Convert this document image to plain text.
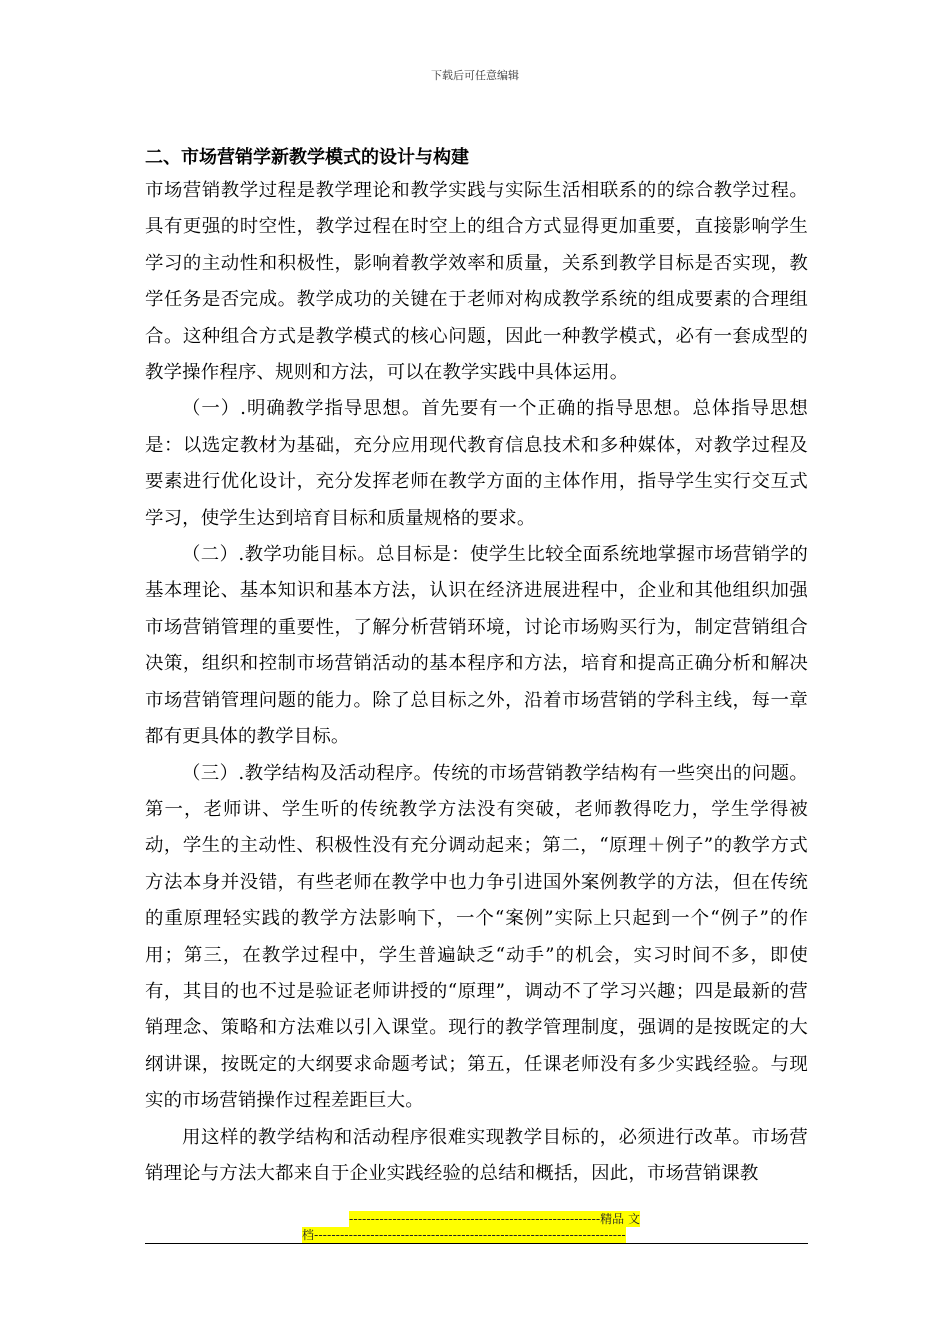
下载后可任意编辑
二、市场营销学新教学模式的设计与构建

市场营销教学过程是教学理论和教学实践与实际生活相联系的的综合教学过程。具有更强的时空性，教学过程在时空上的组合方式显得更加重要，直接影响学生学习的主动性和积极性，影响着教学效率和质量，关系到教学目标是否实现，教学任务是否完成。教学成功的关键在于老师对构成教学系统的组成要素的合理组合。这种组合方式是教学模式的核心问题，因此一种教学模式，必有一套成型的教学操作程序、规则和方法，可以在教学实践中具体运用。

（一）.明确教学指导思想。首先要有一个正确的指导思想。总体指导思想是：以选定教材为基础，充分应用现代教育信息技术和多种媒体，对教学过程及要素进行优化设计，充分发挥老师在教学方面的主体作用，指导学生实行交互式学习，使学生达到培育目标和质量规格的要求。

（二）.教学功能目标。总目标是：使学生比较全面系统地掌握市场营销学的基本理论、基本知识和基本方法，认识在经济进展进程中，企业和其他组织加强市场营销管理的重要性，了解分析营销环境，讨论市场购买行为，制定营销组合决策，组织和控制市场营销活动的基本程序和方法，培育和提高正确分析和解决市场营销管理问题的能力。除了总目标之外，沿着市场营销的学科主线，每一章都有更具体的教学目标。

（三）.教学结构及活动程序。传统的市场营销教学结构有一些突出的问题。第一，老师讲、学生听的传统教学方法没有突破，老师教得吃力，学生学得被动，学生的主动性、积极性没有充分调动起来；第二，“原理＋例子”的教学方式方法本身并没错，有些老师在教学中也力争引进国外案例教学的方法，但在传统的重原理轻实践的教学方法影响下，一个“案例”实际上只起到一个“例子”的作用；第三，在教学过程中，学生普遍缺乏“动手”的机会，实习时间不多，即使有，其目的也不过是验证老师讲授的“原理”，调动不了学习兴趣；四是最新的营销理念、策略和方法难以引入课堂。现行的教学管理制度，强调的是按既定的大纲讲课，按既定的大纲要求命题考试；第五，任课老师没有多少实践经验。与现实的市场营销操作过程差距巨大。

用这样的教学结构和活动程序很难实现教学目标的，必须进行改革。市场营销理论与方法大都来自于企业实践经验的总结和概括，因此，市场营销课教

----------------------------------------------------------精品 文
档------------------------------------------------------------------------
